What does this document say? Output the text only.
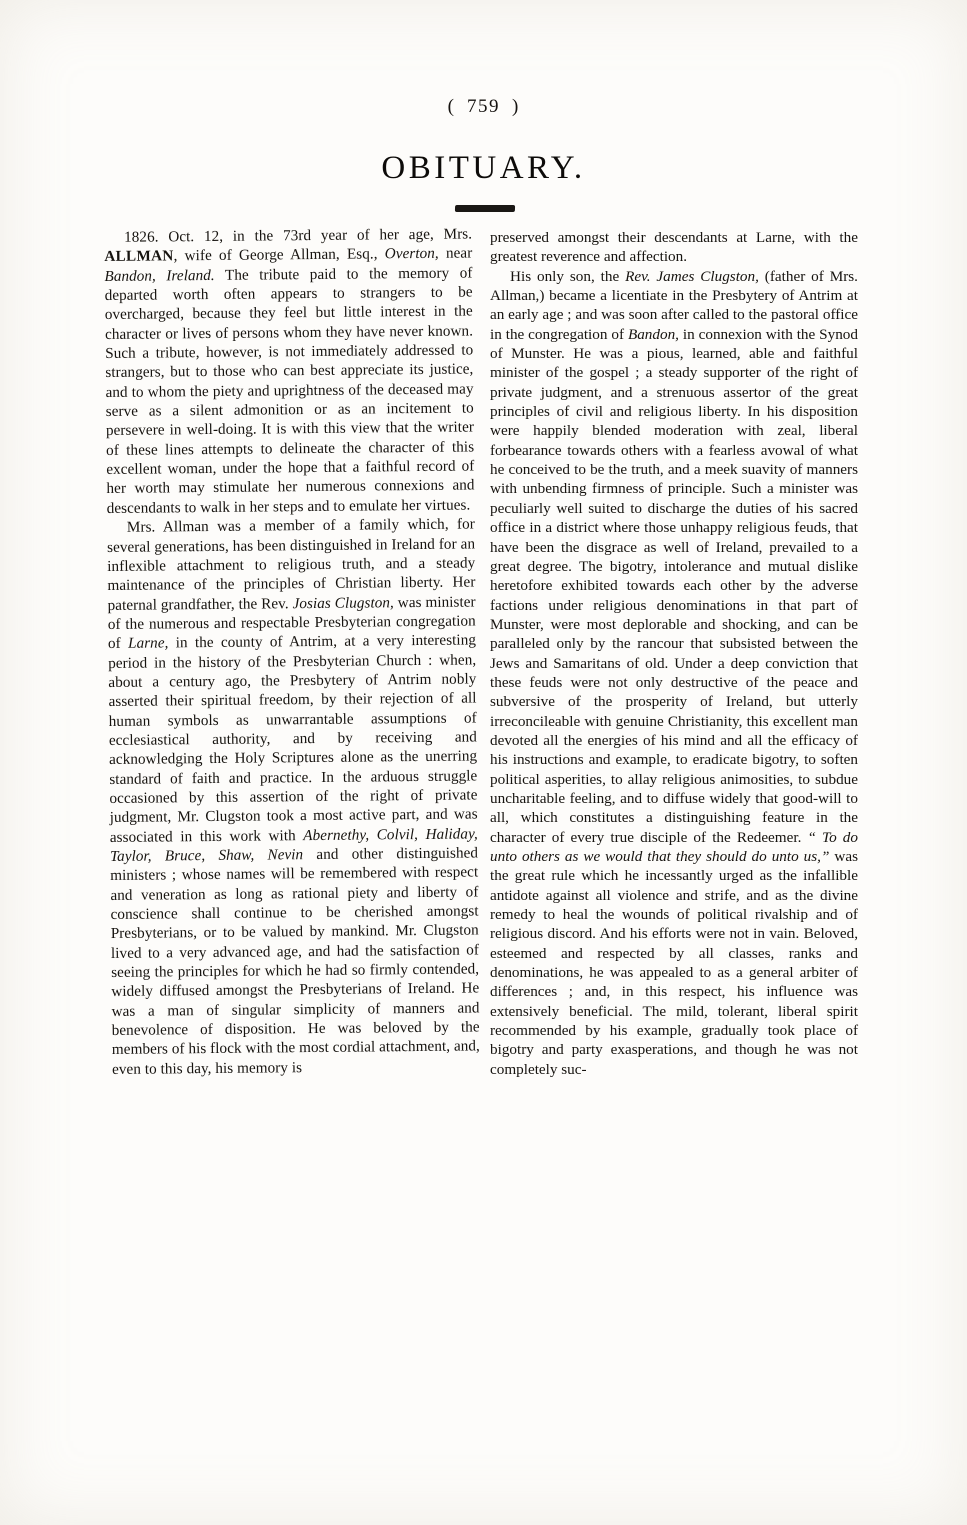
( 759 )
OBITUARY.

1826. Oct. 12, in the 73rd year of her age, Mrs. ALLMAN, wife of George Allman, Esq., Overton, near Bandon, Ireland. The tribute paid to the memory of departed worth often appears to strangers to be overcharged, because they feel but little interest in the character or lives of persons whom they have never known. Such a tribute, however, is not immediately addressed to strangers, but to those who can best appreciate its justice, and to whom the piety and uprightness of the deceased may serve as a silent admonition or as an incitement to persevere in well-doing. It is with this view that the writer of these lines attempts to delineate the character of this excellent woman, under the hope that a faithful record of her worth may stimulate her numerous connexions and descendants to walk in her steps and to emulate her virtues.

Mrs. Allman was a member of a family which, for several generations, has been distinguished in Ireland for an inflexible attachment to religious truth, and a steady maintenance of the principles of Christian liberty. Her paternal grandfather, the Rev. Josias Clugston, was minister of the numerous and respectable Presbyterian congregation of Larne, in the county of Antrim, at a very interesting period in the history of the Presbyterian Church : when, about a century ago, the Presbytery of Antrim nobly asserted their spiritual freedom, by their rejection of all human symbols as unwarrantable assumptions of ecclesiastical authority, and by receiving and acknowledging the Holy Scriptures alone as the unerring standard of faith and practice. In the arduous struggle occasioned by this assertion of the right of private judgment, Mr. Clugston took a most active part, and was associated in this work with Abernethy, Colvil, Haliday, Taylor, Bruce, Shaw, Nevin and other distinguished ministers ; whose names will be remembered with respect and veneration as long as rational piety and liberty of conscience shall continue to be cherished amongst Presbyterians, or to be valued by mankind. Mr. Clugston lived to a very advanced age, and had the satisfaction of seeing the principles for which he had so firmly contended, widely diffused amongst the Presbyterians of Ireland. He was a man of singular simplicity of manners and benevolence of disposition. He was beloved by the members of his flock with the most cordial attachment, and, even to this day, his memory is

preserved amongst their descendants at Larne, with the greatest reverence and affection.

His only son, the Rev. James Clugston, (father of Mrs. Allman,) became a licentiate in the Presbytery of Antrim at an early age ; and was soon after called to the pastoral office in the congregation of Bandon, in connexion with the Synod of Munster. He was a pious, learned, able and faithful minister of the gospel ; a steady supporter of the right of private judgment, and a strenuous assertor of the great principles of civil and religious liberty. In his disposition were happily blended moderation with zeal, liberal forbearance towards others with a fearless avowal of what he conceived to be the truth, and a meek suavity of manners with unbending firmness of principle. Such a minister was peculiarly well suited to discharge the duties of his sacred office in a district where those unhappy religious feuds, that have been the disgrace as well of Ireland, prevailed to a great degree. The bigotry, intolerance and mutual dislike heretofore exhibited towards each other by the adverse factions under religious denominations in that part of Munster, were most deplorable and shocking, and can be paralleled only by the rancour that subsisted between the Jews and Samaritans of old. Under a deep conviction that these feuds were not only destructive of the peace and subversive of the prosperity of Ireland, but utterly irreconcileable with genuine Christianity, this excellent man devoted all the energies of his mind and all the efficacy of his instructions and example, to eradicate bigotry, to soften political asperities, to allay religious animosities, to subdue uncharitable feeling, and to diffuse widely that good-will to all, which constitutes a distinguishing feature in the character of every true disciple of the Redeemer. “ To do unto others as we would that they should do unto us,” was the great rule which he incessantly urged as the infallible antidote against all violence and strife, and as the divine remedy to heal the wounds of political rivalship and of religious discord. And his efforts were not in vain. Beloved, esteemed and respected by all classes, ranks and denominations, he was appealed to as a general arbiter of differences ; and, in this respect, his influence was extensively beneficial. The mild, tolerant, liberal spirit recommended by his example, gradually took place of bigotry and party exasperations, and though he was not completely suc-
